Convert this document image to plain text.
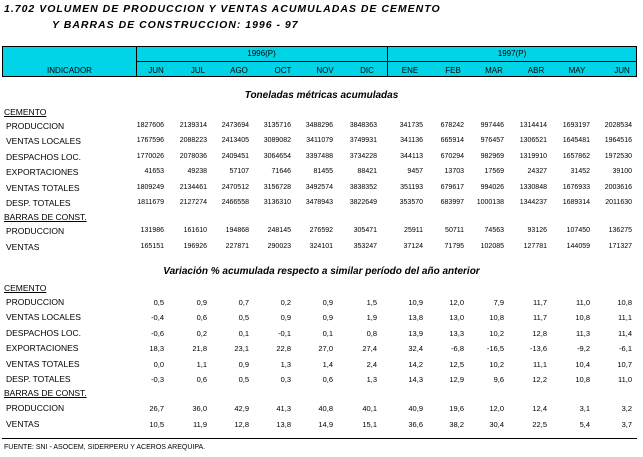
1.702 VOLUMEN DE PRODUCCION Y VENTAS ACUMULADAS DE CEMENTO
Y BARRAS DE CONSTRUCCION: 1996 - 97
INDICADOR
1996(P)	1997(P)
JUN	JUL	AGO	OCT	NOV	DIC	ENE	FEB	MAR	ABR	MAY	JUN
Toneladas métricas acumuladas
CEMENTO
PRODUCCION	1827606	2139314	2473694	3135716	3488296	3848363	341735	678242	997446	1314414	1693197	2028534
VENTAS LOCALES	1767596	2088223	2413405	3089082	3411079	3749931	341136	665914	976457	1306521	1645481	1964516
DESPACHOS LOC.	1770026	2078036	2409451	3064654	3397488	3734228	344113	670294	982969	1319910	1657862	1972530
EXPORTACIONES	41653	49238	57107	71646	81455	88421	9457	13703	17569	24327	31452	39100
VENTAS TOTALES	1809249	2134461	2470512	3156728	3492574	3838352	351193	679617	994026	1330848	1676933	2003616
DESP. TOTALES	1811679	2127274	2466558	3136310	3478943	3822649	353570	683997	1000138	1344237	1689314	2011630
BARRAS DE CONST.
PRODUCCION	131986	161610	194868	248145	276592	305471	25911	50711	74563	93126	107450	136275
VENTAS	165151	196926	227871	290023	324101	353247	37124	71795	102085	127781	144059	171327
Variación % acumulada respecto a similar período del año anterior
CEMENTO
PRODUCCION	0,5	0,9	0,7	0,2	0,9	1,5	10,9	12,0	7,9	11,7	11,0	10,8
VENTAS LOCALES	-0,4	0,6	0,5	0,9	0,9	1,9	13,8	13,0	10,8	11,7	10,8	11,1
DESPACHOS LOC.	-0,6	0,2	0,1	-0,1	0,1	0,8	13,9	13,3	10,2	12,8	11,3	11,4
EXPORTACIONES	18,3	21,8	23,1	22,8	27,0	27,4	32,4	-6,8	-16,5	-13,6	-9,2	-6,1
VENTAS TOTALES	0,0	1,1	0,9	1,3	1,4	2,4	14,2	12,5	10,2	11,1	10,4	10,7
DESP. TOTALES	-0,3	0,6	0,5	0,3	0,6	1,3	14,3	12,9	9,6	12,2	10,8	11,0
BARRAS DE CONST.
PRODUCCION	26,7	36,0	42,9	41,3	40,8	40,1	40,9	19,6	12,0	12,4	3,1	3,2
VENTAS	10,5	11,9	12,8	13,8	14,9	15,1	36,6	38,2	30,4	22,5	5,4	3,7
FUENTE: SNI - ASOCEM, SIDERPERU Y ACEROS AREQUIPA.
